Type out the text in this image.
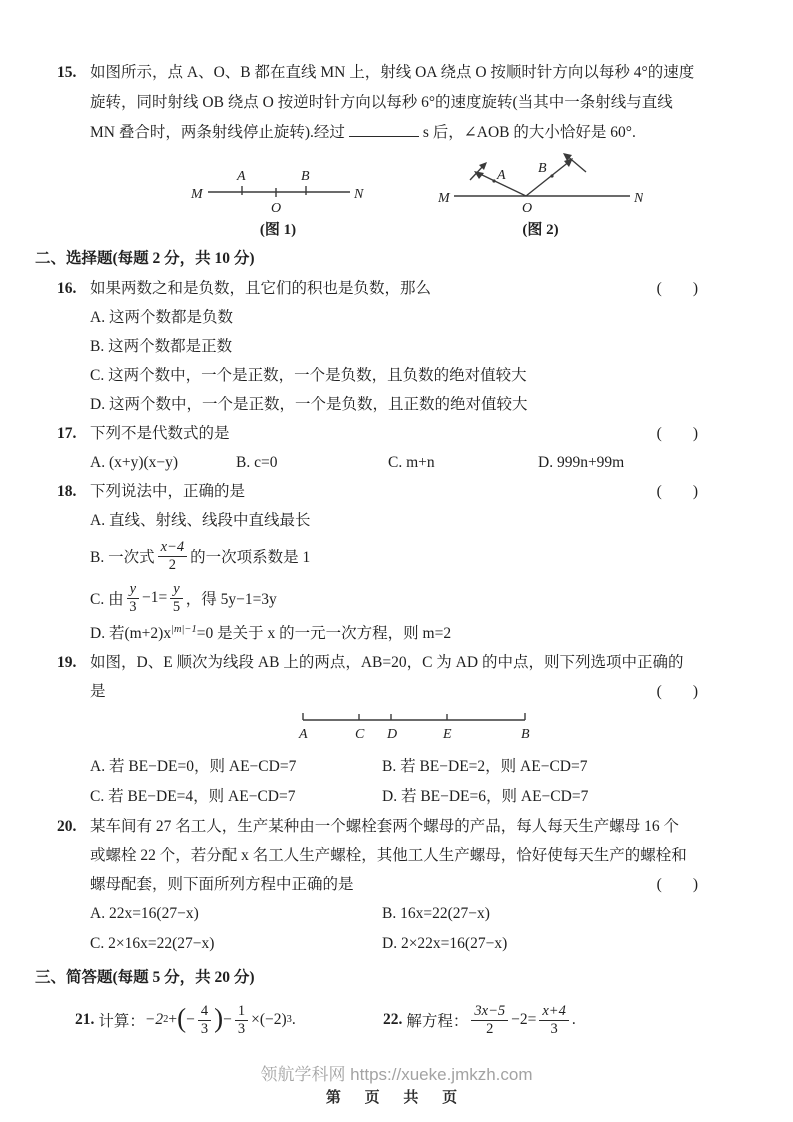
15. 如图所示，点 A、O、B 都在直线 MN 上，射线 OA 绕点 O 按顺时针方向以每秒 4°的速度
旋转，同时射线 OB 绕点 O 按逆时针方向以每秒 6°的速度旋转(当其中一条射线与直线
MN 叠合时，两条射线停止旋转).经过	s 后，∠AOB 的大小恰好是 60°.
M	N
A	B
O
(图 1)
M	N
A B
O
(图 2)
二、选择题(每题 2 分，共 10 分)
16. 如果两数之和是负数，且它们的积也是负数，那么	(　　)
A. 这两个数都是负数
B. 这两个数都是正数
C. 这两个数中，一个是正数，一个是负数，且负数的绝对值较大
D. 这两个数中，一个是正数，一个是负数，且正数的绝对值较大
17. 下列不是代数式的是	(　　)
A. (x+y)(x−y)	B. c=0	C. m+n	D. 999n+99m
18. 下列说法中，正确的是	(　　)
A. 直线、射线、线段中直线最长
B. 一次式 $\frac{x-4}{2}$ 的一次项系数是 1
C. 由 $\frac{y}{3} -1= \frac{y}{5}$ ，得 5y−1=3y
D. 若$(m+2)x^{|m|-1}=0$ 是关于 x 的一元一次方程，则 m=2
19. 如图，D、E 顺次为线段 AB 上的两点，AB=20，C 为 AD 的中点，则下列选项中正确的
是	(　　)
A	C D	E	B
A. 若 BE−DE=0，则 AE−CD=7	B. 若 BE−DE=2，则 AE−CD=7
C. 若 BE−DE=4，则 AE−CD=7	D. 若 BE−DE=6，则 AE−CD=7
20. 某车间有 27 名工人，生产某种由一个螺栓套两个螺母的产品，每人每天生产螺母 16 个
或螺栓 22 个，若分配 x 名工人生产螺栓，其他工人生产螺母，恰好使每天生产的螺栓和
螺母配套，则下面所列方程中正确的是	(　　)
A. 22x=16(27−x)	B. 16x=22(27−x)
C. 2×16x=22(27−x)	D. 2×22x=16(27−x)
三、简答题(每题 5 分，共 20 分)
21. 计算： −2 2 + ( − $\frac{4}{3}$ ) − $\frac{1}{3} \times(-2)$ 3 .	22. 解方程： $\frac{3x-5}{2} -2= \frac{x+4}{3}$ .
领航学科网 https://xueke.jmkzh.com
第 页 共 页
